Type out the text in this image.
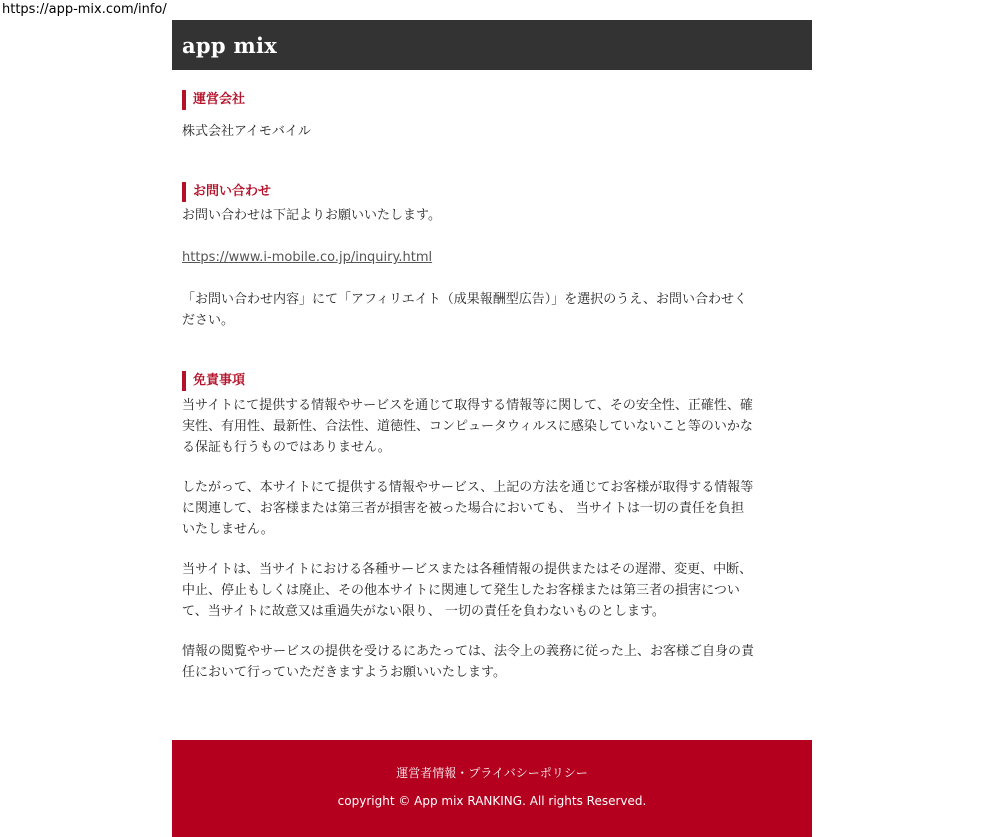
https://app-mix.com/info/
app mix
運営会社

株式会社アイモバイル

お問い合わせ

お問い合わせは下記よりお願いいたします。

https://www.i-mobile.co.jp/inquiry.html

「お問い合わせ内容」にて「アフィリエイト（成果報酬型広告）」を選択のうえ、お問い合わせく
ださい。

免責事項

当サイトにて提供する情報やサービスを通じて取得する情報等に関して、その安全性、正確性、確
実性、有用性、最新性、合法性、道徳性、コンピュータウィルスに感染していないこと等のいかな
る保証も行うものではありません。

したがって、本サイトにて提供する情報やサービス、上記の方法を通じてお客様が取得する情報等
に関連して、お客様または第三者が損害を被った場合においても、 当サイトは一切の責任を負担
いたしません。

当サイトは、当サイトにおける各種サービスまたは各種情報の提供またはその遅滞、変更、中断、
中止、停止もしくは廃止、その他本サイトに関連して発生したお客様または第三者の損害につい
て、当サイトに故意又は重過失がない限り、 一切の責任を負わないものとします。

情報の閲覧やサービスの提供を受けるにあたっては、法令上の義務に従った上、お客様ご自身の責
任において行っていただきますようお願いいたします。

運営者情報・プライバシーポリシー
copyright © App mix RANKING. All rights Reserved.
